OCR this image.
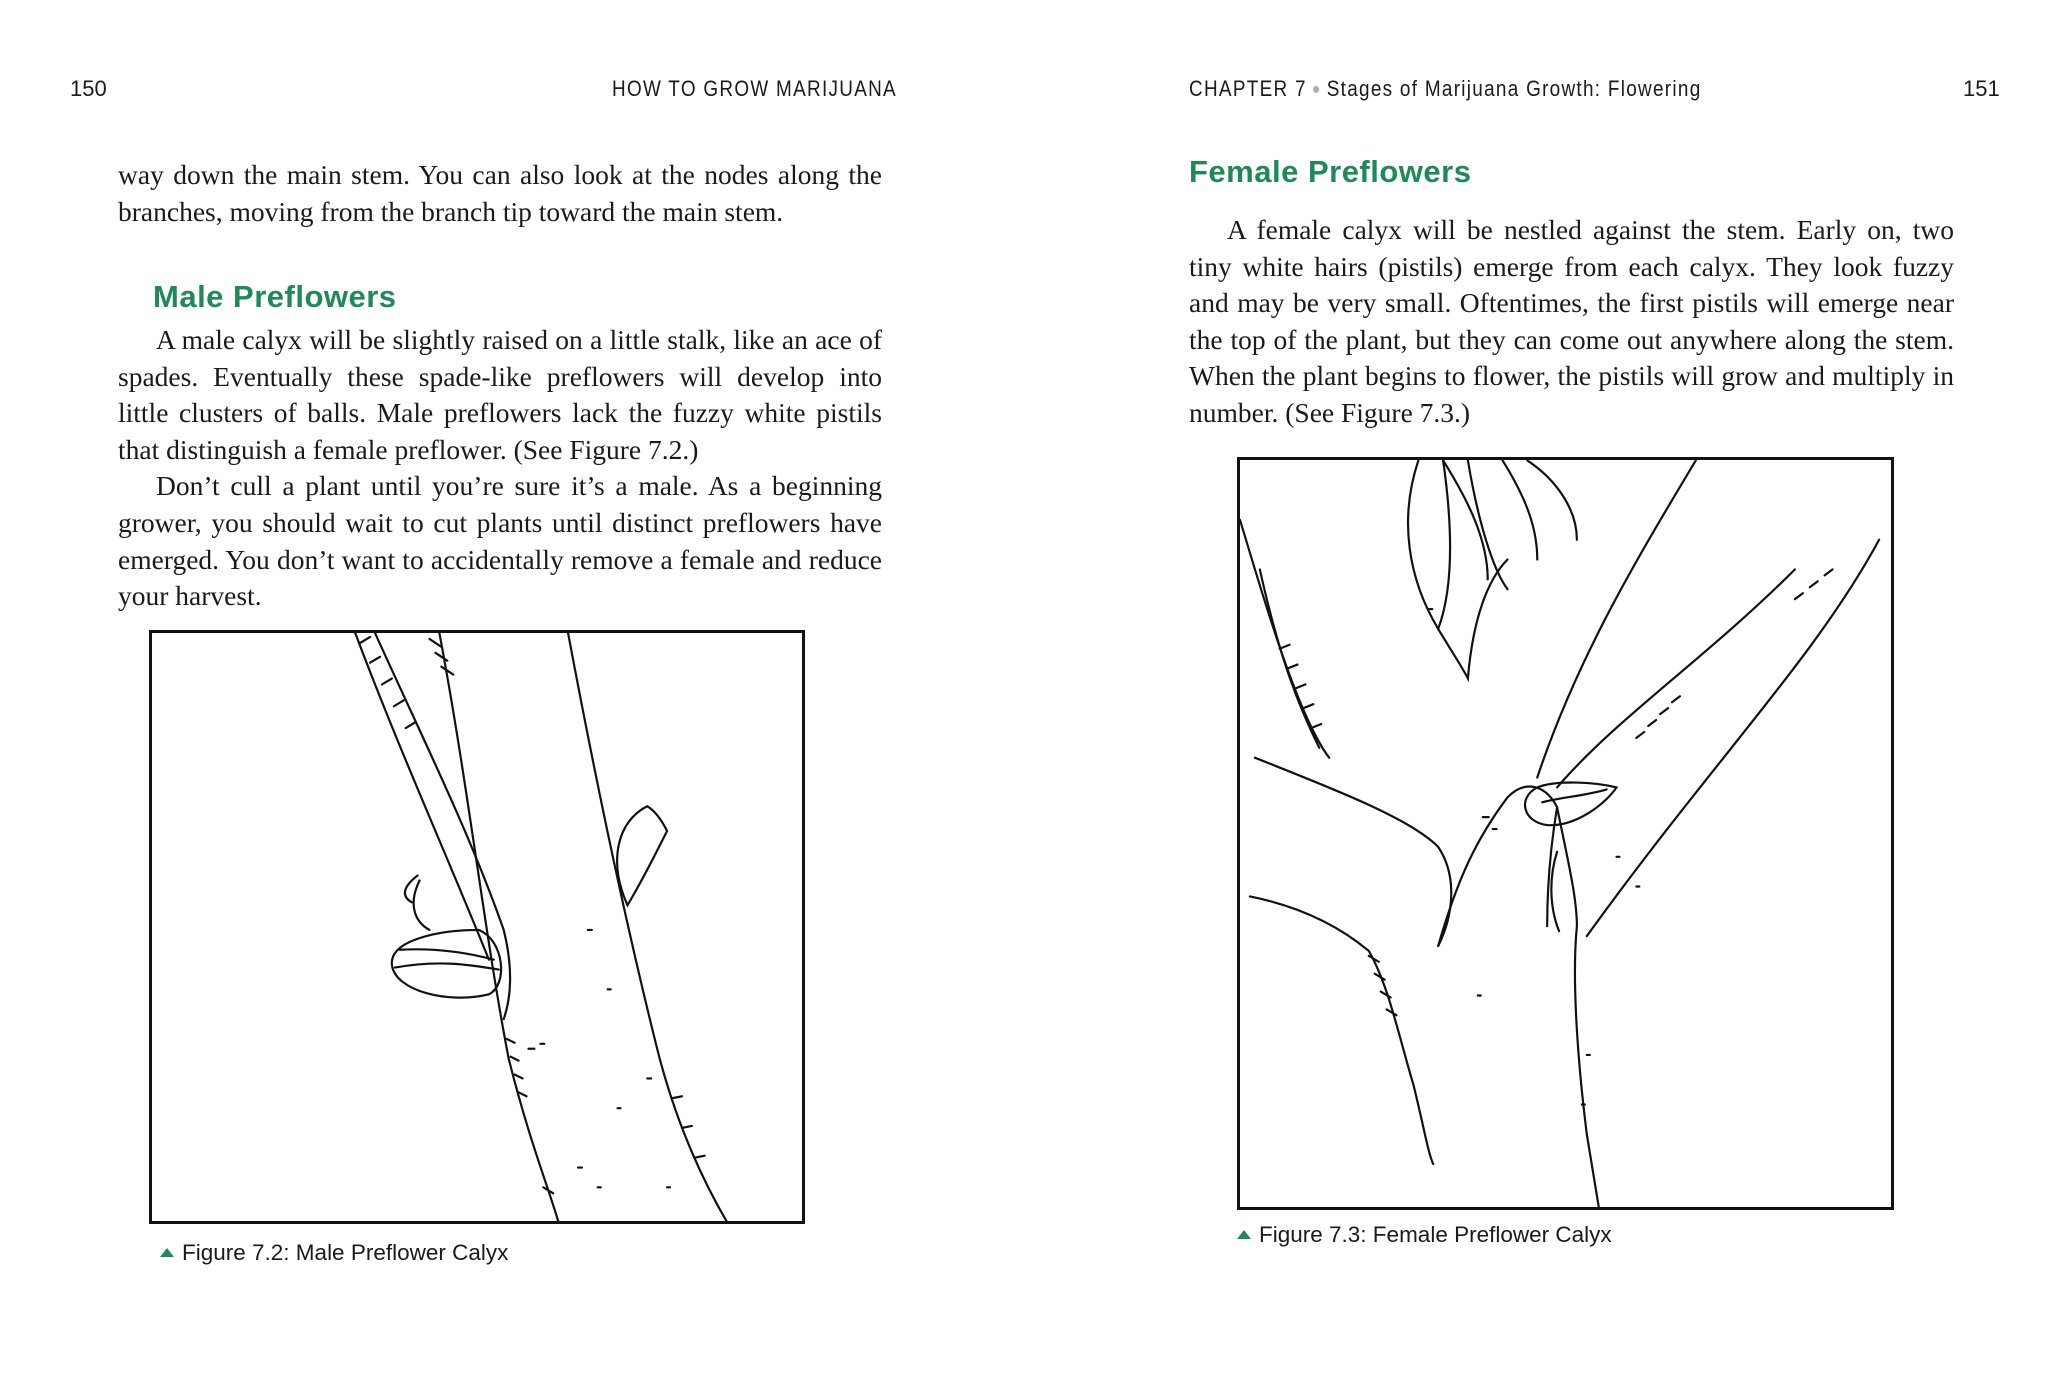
150	HOW TO GROW MARIJUANA

way down the main stem. You can also look at the nodes along the branches, moving from the branch tip toward the main stem.

Male Preflowers

A male calyx will be slightly raised on a little stalk, like an ace of spades. Eventually these spade-like preflowers will develop into little clusters of balls. Male preflowers lack the fuzzy white pistils that distinguish a female preflower. (See Figure 7.2.)

Don’t cull a plant until you’re sure it’s a male. As a beginning grower, you should wait to cut plants until distinct preflowers have emerged. You don’t want to accidentally remove a female and reduce your harvest.

Figure 7.2: Male Preflower Calyx
CHAPTER 7 ● Stages of Marijuana Growth: Flowering	151
Female Preflowers

A female calyx will be nestled against the stem. Early on, two tiny white hairs (pistils) emerge from each calyx. They look fuzzy and may be very small. Oftentimes, the first pistils will emerge near the top of the plant, but they can come out anywhere along the stem. When the plant begins to flower, the pistils will grow and multiply in number. (See Figure 7.3.)

Figure 7.3: Female Preflower Calyx
